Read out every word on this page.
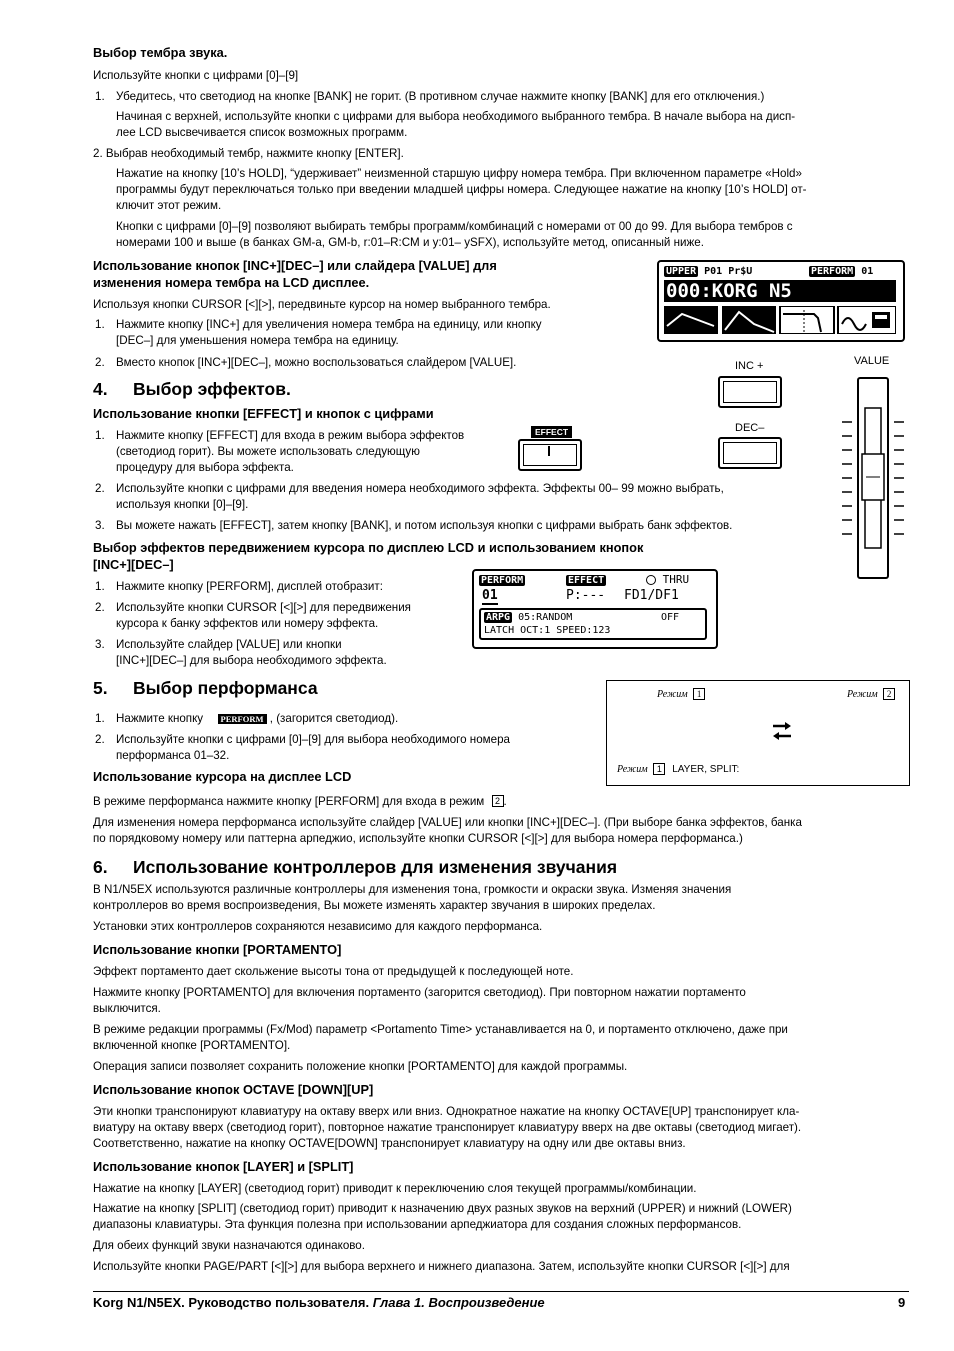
Выбор тембра звука.
Используйте кнопки с цифрами [0]–[9]
1. Убедитесь, что светодиод на кнопке [BANK] не горит. (В противном случае нажмите кнопку [BANK] для его отключения.)
Начиная с верхней, используйте кнопки с цифрами для выбора необходимого выбранного тембра. В начале выбора на дисп-
лее LCD высвечивается список возможных программ.
2. Выбрав необходимый тембр, нажмите кнопку [ENTER].
Нажатие на кнопку [10’s HOLD], “удерживает” неизменной старшую цифру номера тембра. При включенном параметре «Hold»
программы будут переключаться только при введении младшей цифры номера. Следующее нажатие на кнопку [10’s HOLD] от-
ключит этот режим.
Кнопки с цифрами [0]–[9] позволяют выбирать тембры программ/комбинаций с номерами от 00 до 99. Для выбора тембров с
номерами 100 и выше (в банках GM-a, GM-b, r:01–R:CM и y:01– ySFX), используйте метод, описанный ниже.
Использование кнопок [INC+][DEC–] или слайдера [VALUE] для
изменения номера тембра на LCD дисплее.
Используя кнопки CURSOR [<][>], передвиньте курсор на номер выбранного тембра.
1. Нажмите кнопку [INC+] для увеличения номера тембра на единицу, или кнопку
[DEC–] для уменьшения номера тембра на единицу.
2. Вместо кнопок [INC+][DEC–], можно воспользоваться слайдером [VALUE].
UPPER P01 Pr$U	PERFORM 01
000:KORG N5
INC +
DEC–
VALUE
4. Выбор эффектов.
Использование кнопки [EFFECT] и кнопок с цифрами
1. Нажмите кнопку [EFFECT] для входа в режим выбора эффектов
(светодиод горит). Вы можете использовать следующую
процедуру для выбора эффекта.
EFFECT
2. Используйте кнопки с цифрами для введения номера необходимого эффекта. Эффекты 00– 99 можно выбрать,
используя кнопки [0]–[9].
3. Вы можете нажать [EFFECT], затем кнопку [BANK], и потом используя кнопки с цифрами выбрать банк эффектов.
Выбор эффектов передвижением курсора по дисплею LCD и использованием кнопок
[INC+][DEC–]
1. Нажмите кнопку [PERFORM], дисплей отобразит:
2. Используйте кнопки CURSOR [<][>] для передвижения
курсора к банку эффектов или номеру эффекта.
3. Используйте слайдер [VALUE] или кнопки
[INC+][DEC–] для выбора необходимого эффекта.
PERFORM	EFFECT	THRU
01	P:--- FD1/DF1
ARPG 05:RANDOM	OFF
LATCH OCT:1 SPEED:123
5. Выбор перформанса
1. Нажмите кнопку PERFORM , (загорится светодиод).
2. Используйте кнопки с цифрами [0]–[9] для выбора необходимого номера
перформанса 01–32.
Использование курсора на дисплее LCD
В режиме перформанса нажмите кнопку [PERFORM] для входа в режим 2 .
Для изменения номера перформанса используйте слайдер [VALUE] или кнопки [INC+][DEC–]. (При выборе банка эффектов, банка
по порядковому номеру или паттерна арпеджио, используйте кнопки CURSOR [<][>] для выбора номера перформанса.)
Режим 1	Режим 2
Режим 1 LAYER, SPLIT:
6. Использование контроллеров для изменения звучания
В N1/N5EX используются различные контроллеры для изменения тона, громкости и окраски звука. Изменяя значения
контроллеров во время воспроизведения, Вы можете изменять характер звучания в широких пределах.
Установки этих контроллеров сохраняются независимо для каждого перформанса.
Использование кнопки [PORTAMENTO]
Эффект портаменто дает скольжение высоты тона от предыдущей к последующей ноте.
Нажмите кнопку [PORTAMENTO] для включения портаменто (загорится светодиод). При повторном нажатии портаменто
выключится.
В режиме редакции программы (Fx/Mod) параметр <Portamento Time> устанавливается на 0, и портаменто отключено, даже при
включенной кнопке [PORTAMENTO].
Операция записи позволяет сохранить положение кнопки [PORTAMENTO] для каждой программы.
Использование кнопок OCTAVE [DOWN][UP]
Эти кнопки транспонируют клавиатуру на октаву вверх или вниз. Однократное нажатие на кнопку OCTAVE[UP] транспонирует кла-
виатуру на октаву вверх (светодиод горит), повторное нажатие транспонирует клавиатуру вверх на две октавы (светодиод мигает).
Соответственно, нажатие на кнопку OCTAVE[DOWN] транспонирует клавиатуру на одну или две октавы вниз.
Использование кнопок [LAYER] и [SPLIT]
Нажатие на кнопку [LAYER] (светодиод горит) приводит к переключению слоя текущей программы/комбинации.
Нажатие на кнопку [SPLIT] (светодиод горит) приводит к назначению двух разных звуков на верхний (UPPER) и нижний (LOWER)
диапазоны клавиатуры. Эта функция полезна при использовании арпеджиатора для создания сложных перформансов.
Для обеих функций звуки назначаются одинаково.
Используйте кнопки PAGE/PART [<][>] для выбора верхнего и нижнего диапазона. Затем, используйте кнопки CURSOR [<][>] для
Korg N1/N5EX. Руководство пользователя. Глава 1. Воспроизведение	9
